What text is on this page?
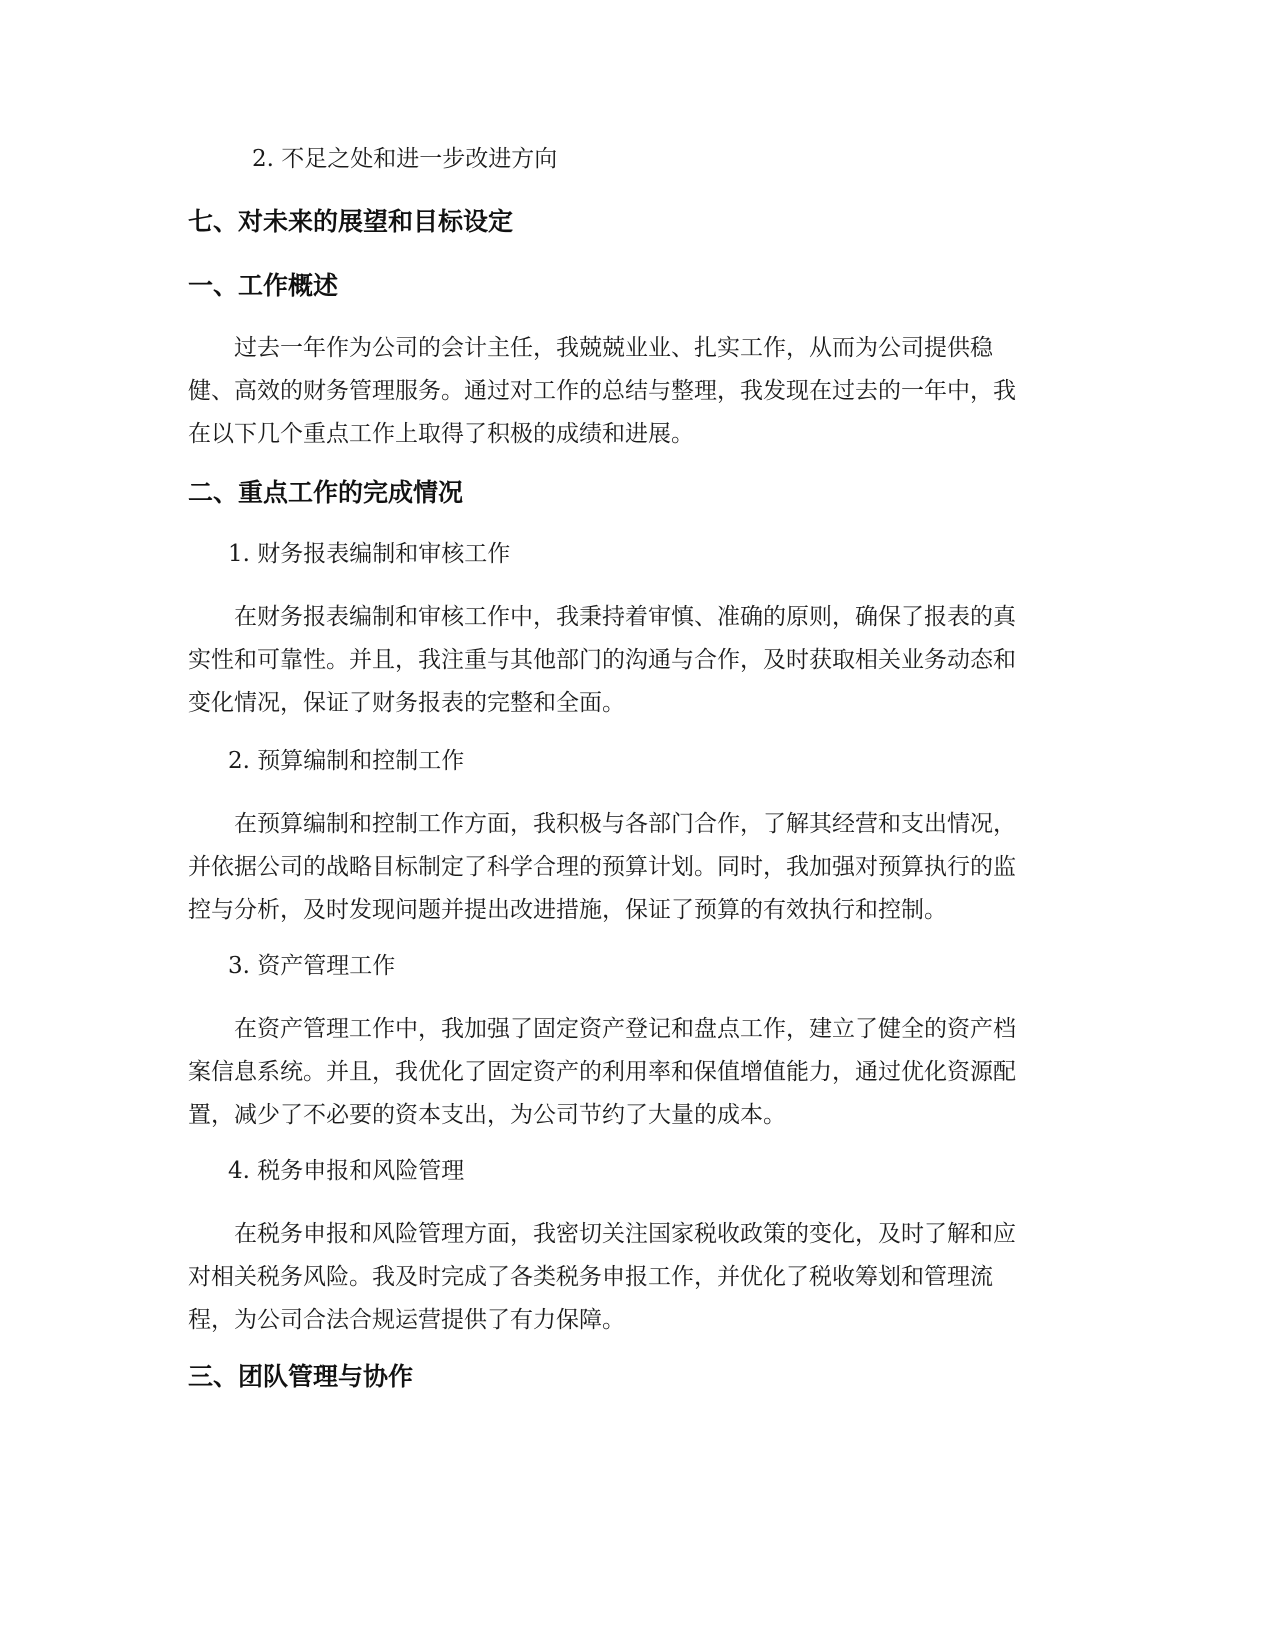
2. 不足之处和进一步改进方向
七、对未来的展望和目标设定
一、工作概述
过去一年作为公司的会计主任，我兢兢业业、扎实工作，从而为公司提供稳
健、高效的财务管理服务。通过对工作的总结与整理，我发现在过去的一年中，我
在以下几个重点工作上取得了积极的成绩和进展。
二、重点工作的完成情况
1. 财务报表编制和审核工作
在财务报表编制和审核工作中，我秉持着审慎、准确的原则，确保了报表的真
实性和可靠性。并且，我注重与其他部门的沟通与合作，及时获取相关业务动态和
变化情况，保证了财务报表的完整和全面。
2. 预算编制和控制工作
在预算编制和控制工作方面，我积极与各部门合作，了解其经营和支出情况，
并依据公司的战略目标制定了科学合理的预算计划。同时，我加强对预算执行的监
控与分析，及时发现问题并提出改进措施，保证了预算的有效执行和控制。
3. 资产管理工作
在资产管理工作中，我加强了固定资产登记和盘点工作，建立了健全的资产档
案信息系统。并且，我优化了固定资产的利用率和保值增值能力，通过优化资源配
置，减少了不必要的资本支出，为公司节约了大量的成本。
4. 税务申报和风险管理
在税务申报和风险管理方面，我密切关注国家税收政策的变化，及时了解和应
对相关税务风险。我及时完成了各类税务申报工作，并优化了税收筹划和管理流
程，为公司合法合规运营提供了有力保障。
三、团队管理与协作
